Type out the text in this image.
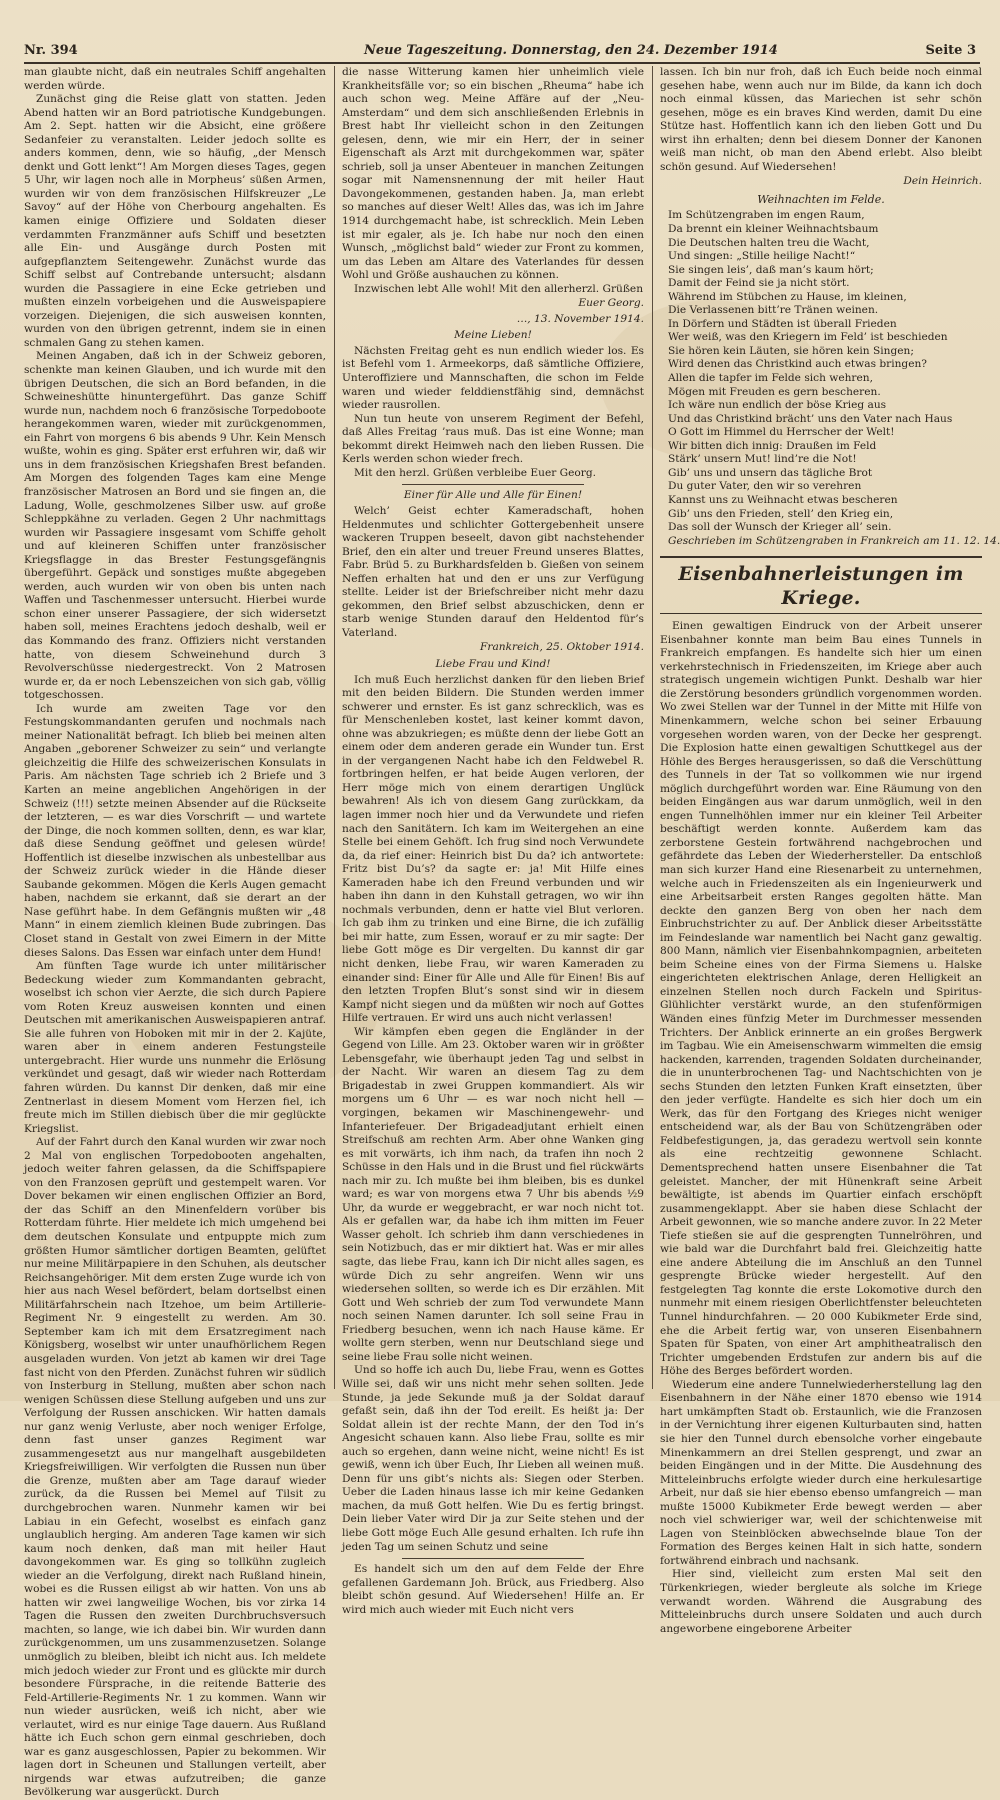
Nr. 394	Neue Tageszeitung. Donnerstag, den 24. Dezember 1914	Seite 3

man glaubte nicht, daß ein neutrales Schiff angehalten werden würde.

Zunächst ging die Reise glatt von statten. Jeden Abend hatten wir an Bord patriotische Kundgebungen. Am 2. Sept. hatten wir die Absicht, eine größere Sedanfeier zu veranstalten. Leider jedoch sollte es anders kommen, denn, wie so häufig, „der Mensch denkt und Gott lenkt“! Am Morgen dieses Tages, gegen 5 Uhr, wir lagen noch alle in Morpheus’ süßen Armen, wurden wir von dem französischen Hilfskreuzer „Le Savoy“ auf der Höhe von Cherbourg angehalten. Es kamen einige Offiziere und Soldaten dieser verdammten Franzmänner aufs Schiff und besetzten alle Ein- und Ausgänge durch Posten mit aufgepflanztem Seitengewehr. Zunächst wurde das Schiff selbst auf Contrebande untersucht; alsdann wurden die Passagiere in eine Ecke getrieben und mußten einzeln vorbeigehen und die Ausweispapiere vorzeigen. Diejenigen, die sich ausweisen konnten, wurden von den übrigen getrennt, indem sie in einen schmalen Gang zu stehen kamen.

Meinen Angaben, daß ich in der Schweiz geboren, schenkte man keinen Glauben, und ich wurde mit den übrigen Deutschen, die sich an Bord befanden, in die Schweineshütte hinuntergeführt. Das ganze Schiff wurde nun, nachdem noch 6 französische Torpedoboote herangekommen waren, wieder mit zurückgenommen, ein Fahrt von morgens 6 bis abends 9 Uhr. Kein Mensch wußte, wohin es ging. Später erst erfuhren wir, daß wir uns in dem französischen Kriegshafen Brest befanden. Am Morgen des folgenden Tages kam eine Menge französischer Matrosen an Bord und sie fingen an, die Ladung, Wolle, geschmolzenes Silber usw. auf große Schleppkähne zu verladen. Gegen 2 Uhr nachmittags wurden wir Passagiere insgesamt vom Schiffe geholt und auf kleineren Schiffen unter französischer Kriegsflagge in das Brester Festungsgefängnis übergeführt. Gepäck und sonstiges mußte abgegeben werden, auch wurden wir von oben bis unten nach Waffen und Taschenmesser untersucht. Hierbei wurde schon einer unserer Passagiere, der sich widersetzt haben soll, meines Erachtens jedoch deshalb, weil er das Kommando des franz. Offiziers nicht verstanden hatte, von diesem Schweinehund durch 3 Revolverschüsse niedergestreckt. Von 2 Matrosen wurde er, da er noch Lebenszeichen von sich gab, völlig totgeschossen.

Ich wurde am zweiten Tage vor den Festungskommandanten gerufen und nochmals nach meiner Nationalität befragt. Ich blieb bei meinen alten Angaben „geborener Schweizer zu sein“ und verlangte gleichzeitig die Hilfe des schweizerischen Konsulats in Paris. Am nächsten Tage schrieb ich 2 Briefe und 3 Karten an meine angeblichen Angehörigen in der Schweiz (!!!) setzte meinen Absender auf die Rückseite der letzteren, — es war dies Vorschrift — und wartete der Dinge, die noch kommen sollten, denn, es war klar, daß diese Sendung geöffnet und gelesen würde! Hoffentlich ist dieselbe inzwischen als unbestellbar aus der Schweiz zurück wieder in die Hände dieser Saubande gekommen. Mögen die Kerls Augen gemacht haben, nachdem sie erkannt, daß sie derart an der Nase geführt habe. In dem Gefängnis mußten wir „48 Mann“ in einem ziemlich kleinen Bude zubringen. Das Closet stand in Gestalt von zwei Eimern in der Mitte dieses Salons. Das Essen war einfach unter dem Hund!

Am fünften Tage wurde ich unter militärischer Bedeckung wieder zum Kommandanten gebracht, woselbst ich schon vier Aerzte, die sich durch Papiere vom Roten Kreuz ausweisen konnten und einen Deutschen mit amerikanischen Ausweispapieren antraf. Sie alle fuhren von Hoboken mit mir in der 2. Kajüte, waren aber in einem anderen Festungsteile untergebracht. Hier wurde uns nunmehr die Erlösung verkündet und gesagt, daß wir wieder nach Rotterdam fahren würden. Du kannst Dir denken, daß mir eine Zentnerlast in diesem Moment vom Herzen fiel, ich freute mich im Stillen diebisch über die mir geglückte Kriegslist.

Auf der Fahrt durch den Kanal wurden wir zwar noch 2 Mal von englischen Torpedobooten angehalten, jedoch weiter fahren gelassen, da die Schiffspapiere von den Franzosen geprüft und gestempelt waren. Vor Dover bekamen wir einen englischen Offizier an Bord, der das Schiff an den Minenfeldern vorüber bis Rotterdam führte. Hier meldete ich mich umgehend bei dem deutschen Konsulate und entpuppte mich zum größten Humor sämtlicher dortigen Beamten, gelüftet nur meine Militärpapiere in den Schuhen, als deutscher Reichsangehöriger. Mit dem ersten Zuge wurde ich von hier aus nach Wesel befördert, belam dortselbst einen Militärfahrschein nach Itzehoe, um beim Artillerie-Regiment Nr. 9 eingestellt zu werden. Am 30. September kam ich mit dem Ersatzregiment nach Königsberg, woselbst wir unter unaufhörlichem Regen ausgeladen wurden. Von jetzt ab kamen wir drei Tage fast nicht von den Pferden. Zunächst fuhren wir südlich von Insterburg in Stellung, mußten aber schon nach wenigen Schüssen diese Stellung aufgeben und uns zur Verfolgung der Russen anschicken. Wir hatten damals nur ganz wenig Verluste, aber noch weniger Erfolge, denn fast unser ganzes Regiment war zusammengesetzt aus nur mangelhaft ausgebildeten Kriegsfreiwilligen. Wir verfolgten die Russen nun über die Grenze, mußten aber am Tage darauf wieder zurück, da die Russen bei Memel auf Tilsit zu durchgebrochen waren. Nunmehr kamen wir bei Labiau in ein Gefecht, woselbst es einfach ganz unglaublich herging. Am anderen Tage kamen wir sich kaum noch denken, daß man mit heiler Haut davongekommen war. Es ging so tollkühn zugleich wieder an die Verfolgung, direkt nach Rußland hinein, wobei es die Russen eiligst ab wir hatten. Von uns ab hatten wir zwei langweilige Wochen, bis vor zirka 14 Tagen die Russen den zweiten Durchbruchsversuch machten, so lange, wie ich dabei bin. Wir wurden dann zurückgenommen, um uns zusammenzusetzen. Solange unmöglich zu bleiben, bleibt ich nicht aus. Ich meldete mich jedoch wieder zur Front und es glückte mir durch besondere Fürsprache, in die reitende Batterie des Feld-Artillerie-Regiments Nr. 1 zu kommen. Wann wir nun wieder ausrücken, weiß ich nicht, aber wie verlautet, wird es nur einige Tage dauern. Aus Rußland hätte ich Euch schon gern einmal geschrieben, doch war es ganz ausgeschlossen, Papier zu bekommen. Wir lagen dort in Scheunen und Stallungen verteilt, aber nirgends war etwas aufzutreiben; die ganze Bevölkerung war ausgerückt. Durch

die nasse Witterung kamen hier unheimlich viele Krankheitsfälle vor; so ein bischen „Rheuma“ habe ich auch schon weg. Meine Affäre auf der „Neu-Amsterdam“ und dem sich anschließenden Erlebnis in Brest habt Ihr vielleicht schon in den Zeitungen gelesen, denn, wie mir ein Herr, der in seiner Eigenschaft als Arzt mit durchgekommen war, später schrieb, soll ja unser Abenteuer in manchen Zeitungen sogar mit Namensnennung der mit heiler Haut Davongekommenen, gestanden haben. Ja, man erlebt so manches auf dieser Welt! Alles das, was ich im Jahre 1914 durchgemacht habe, ist schrecklich. Mein Leben ist mir egaler, als je. Ich habe nur noch den einen Wunsch, „möglichst bald“ wieder zur Front zu kommen, um das Leben am Altare des Vaterlandes für dessen Wohl und Größe aushauchen zu können.

Inzwischen lebt Alle wohl! Mit den allerherzl. Grüßen

Euer Georg.
…, 13. November 1914.
Meine Lieben!

Nächsten Freitag geht es nun endlich wieder los. Es ist Befehl vom 1. Armeekorps, daß sämtliche Offiziere, Unteroffiziere und Mannschaften, die schon im Felde waren und wieder felddienstfähig sind, demnächst wieder rausrollen.

Nun tun heute von unserem Regiment der Befehl, daß Alles Freitag ’raus muß. Das ist eine Wonne; man bekommt direkt Heimweh nach den lieben Russen. Die Kerls werden schon wieder frech.

Mit den herzl. Grüßen verbleibe Euer Georg.

Einer für Alle und Alle für Einen!

Welch’ Geist echter Kameradschaft, hohen Heldenmutes und schlichter Gottergebenheit unsere wackeren Truppen beseelt, davon gibt nachstehender Brief, den ein alter und treuer Freund unseres Blattes, Fabr. Brüd 5. zu Burkhardsfelden b. Gießen von seinem Neffen erhalten hat und den er uns zur Verfügung stellte. Leider ist der Briefschreiber nicht mehr dazu gekommen, den Brief selbst abzuschicken, denn er starb wenige Stunden darauf den Heldentod für’s Vaterland.

Frankreich, 25. Oktober 1914.
Liebe Frau und Kind!

Ich muß Euch herzlichst danken für den lieben Brief mit den beiden Bildern. Die Stunden werden immer schwerer und ernster. Es ist ganz schrecklich, was es für Menschenleben kostet, last keiner kommt davon, ohne was abzukriegen; es müßte denn der liebe Gott an einem oder dem anderen gerade ein Wunder tun. Erst in der vergangenen Nacht habe ich den Feldwebel R. fortbringen helfen, er hat beide Augen verloren, der Herr möge mich von einem derartigen Unglück bewahren! Als ich von diesem Gang zurückkam, da lagen immer noch hier und da Verwundete und riefen nach den Sanitätern. Ich kam im Weitergehen an eine Stelle bei einem Gehöft. Ich frug sind noch Verwundete da, da rief einer: Heinrich bist Du da? ich antwortete: Fritz bist Du’s? da sagte er: ja! Mit Hilfe eines Kameraden habe ich den Freund verbunden und wir haben ihn dann in den Kuhstall getragen, wo wir ihn nochmals verbunden, denn er hatte viel Blut verloren. Ich gab ihm zu trinken und eine Birne, die ich zufällig bei mir hatte, zum Essen, worauf er zu mir sagte: Der liebe Gott möge es Dir vergelten. Du kannst dir gar nicht denken, liebe Frau, wir waren Kameraden zu einander sind: Einer für Alle und Alle für Einen! Bis auf den letzten Tropfen Blut’s sonst sind wir in diesem Kampf nicht siegen und da müßten wir noch auf Gottes Hilfe vertrauen. Er wird uns auch nicht verlassen!

Wir kämpfen eben gegen die Engländer in der Gegend von Lille. Am 23. Oktober waren wir in größter Lebensgefahr, wie überhaupt jeden Tag und selbst in der Nacht. Wir waren an diesem Tag zu dem Brigadestab in zwei Gruppen kommandiert. Als wir morgens um 6 Uhr — es war noch nicht hell — vorgingen, bekamen wir Maschinengewehr- und Infanteriefeuer. Der Brigadeadjutant erhielt einen Streifschuß am rechten Arm. Aber ohne Wanken ging es mit vorwärts, ich ihm nach, da trafen ihn noch 2 Schüsse in den Hals und in die Brust und fiel rückwärts nach mir zu. Ich mußte bei ihm bleiben, bis es dunkel ward; es war von morgens etwa 7 Uhr bis abends ½9 Uhr, da wurde er weggebracht, er war noch nicht tot. Als er gefallen war, da habe ich ihm mitten im Feuer Wasser geholt. Ich schrieb ihm dann verschiedenes in sein Notizbuch, das er mir diktiert hat. Was er mir alles sagte, das liebe Frau, kann ich Dir nicht alles sagen, es würde Dich zu sehr angreifen. Wenn wir uns wiedersehen sollten, so werde ich es Dir erzählen. Mit Gott und Weh schrieb der zum Tod verwundete Mann noch seinen Namen darunter. Ich soll seine Frau in Friedberg besuchen, wenn ich nach Hause käme. Er wollte gern sterben, wenn nur Deutschland siege und seine liebe Frau solle nicht weinen.

Und so hoffe ich auch Du, liebe Frau, wenn es Gottes Wille sei, daß wir uns nicht mehr sehen sollten. Jede Stunde, ja jede Sekunde muß ja der Soldat darauf gefaßt sein, daß ihn der Tod ereilt. Es heißt ja: Der Soldat allein ist der rechte Mann, der den Tod in’s Angesicht schauen kann. Also liebe Frau, sollte es mir auch so ergehen, dann weine nicht, weine nicht! Es ist gewiß, wenn ich über Euch, Ihr Lieben all weinen muß. Denn für uns gibt’s nichts als: Siegen oder Sterben. Ueber die Laden hinaus lasse ich mir keine Gedanken machen, da muß Gott helfen. Wie Du es fertig bringst. Dein lieber Vater wird Dir ja zur Seite stehen und der liebe Gott möge Euch Alle gesund erhalten. Ich rufe ihn jeden Tag um seinen Schutz und seine

Es handelt sich um den auf dem Felde der Ehre gefallenen Gardemann Joh. Brück, aus Friedberg. Also bleibt schön gesund. Auf Wiedersehen! Hilfe an. Er wird mich auch wieder mit Euch nicht vers

lassen. Ich bin nur froh, daß ich Euch beide noch einmal gesehen habe, wenn auch nur im Bilde, da kann ich doch noch einmal küssen, das Mariechen ist sehr schön gesehen, möge es ein braves Kind werden, damit Du eine Stütze hast. Hoffentlich kann ich den lieben Gott und Du wirst ihn erhalten; denn bei diesem Donner der Kanonen weiß man nicht, ob man den Abend erlebt. Also bleibt schön gesund. Auf Wiedersehen!

Dein Heinrich.
Weihnachten im Felde.
Im Schützengraben im engen Raum,
Da brennt ein kleiner Weihnachtsbaum
Die Deutschen halten treu die Wacht,
Und singen: „Stille heilige Nacht!“
Sie singen leis’, daß man’s kaum hört;
Damit der Feind sie ja nicht stört.
Während im Stübchen zu Hause, im kleinen,
Die Verlassenen bitt’re Tränen weinen.
In Dörfern und Städten ist überall Frieden
Wer weiß, was den Kriegern im Feld’ ist beschieden
Sie hören kein Läuten, sie hören kein Singen;
Wird denen das Christkind auch etwas bringen?
Allen die tapfer im Felde sich wehren,
Mögen mit Freuden es gern bescheren.
Ich wäre nun endlich der böse Krieg aus
Und das Christkind brächt’ uns den Vater nach Haus
O Gott im Himmel du Herrscher der Welt!
Wir bitten dich innig: Draußen im Feld
Stärk’ unsern Mut! lind’re die Not!
Gib’ uns und unsern das tägliche Brot
Du guter Vater, den wir so verehren
Kannst uns zu Weihnacht etwas bescheren
Gib’ uns den Frieden, stell’ den Krieg ein,
Das soll der Wunsch der Krieger all’ sein.
Geschrieben im Schützengraben in Frankreich am 11. 12. 14.
Eisenbahnerleistungen im Kriege.

Einen gewaltigen Eindruck von der Arbeit unserer Eisenbahner konnte man beim Bau eines Tunnels in Frankreich empfangen. Es handelte sich hier um einen verkehrstechnisch in Friedenszeiten, im Kriege aber auch strategisch ungemein wichtigen Punkt. Deshalb war hier die Zerstörung besonders gründlich vorgenommen worden. Wo zwei Stellen war der Tunnel in der Mitte mit Hilfe von Minenkammern, welche schon bei seiner Erbauung vorgesehen worden waren, von der Decke her gesprengt. Die Explosion hatte einen gewaltigen Schuttkegel aus der Höhle des Berges herausgerissen, so daß die Verschüttung des Tunnels in der Tat so vollkommen wie nur irgend möglich durchgeführt worden war. Eine Räumung von den beiden Eingängen aus war darum unmöglich, weil in den engen Tunnelhöhlen immer nur ein kleiner Teil Arbeiter beschäftigt werden konnte. Außerdem kam das zerborstene Gestein fortwährend nachgebrochen und gefährdete das Leben der Wiederhersteller. Da entschloß man sich kurzer Hand eine Riesenarbeit zu unternehmen, welche auch in Friedenszeiten als ein Ingenieurwerk und eine Arbeitsarbeit ersten Ranges gegolten hätte. Man deckte den ganzen Berg von oben her nach dem Einbruchstrichter zu auf. Der Anblick dieser Arbeitsstätte im Feindeslande war namentlich bei Nacht ganz gewaltig. 800 Mann, nämlich vier Eisenbahnkompagnien, arbeiteten beim Scheine eines von der Firma Siemens u. Halske eingerichteten elektrischen Anlage, deren Helligkeit an einzelnen Stellen noch durch Fackeln und Spiritus-Glühlichter verstärkt wurde, an den stufenförmigen Wänden eines fünfzig Meter im Durchmesser messenden Trichters. Der Anblick erinnerte an ein großes Bergwerk im Tagbau. Wie ein Ameisenschwarm wimmelten die emsig hackenden, karrenden, tragenden Soldaten durcheinander, die in ununterbrochenen Tag- und Nachtschichten von je sechs Stunden den letzten Funken Kraft einsetzten, über den jeder verfügte. Handelte es sich hier doch um ein Werk, das für den Fortgang des Krieges nicht weniger entscheidend war, als der Bau von Schützengräben oder Feldbefestigungen, ja, das geradezu wertvoll sein konnte als eine rechtzeitig gewonnene Schlacht. Dementsprechend hatten unsere Eisenbahner die Tat geleistet. Mancher, der mit Hünenkraft seine Arbeit bewältigte, ist abends im Quartier einfach erschöpft zusammengeklappt. Aber sie haben diese Schlacht der Arbeit gewonnen, wie so manche andere zuvor. In 22 Meter Tiefe stießen sie auf die gesprengten Tunnelröhren, und wie bald war die Durchfahrt bald frei. Gleichzeitig hatte eine andere Abteilung die im Anschluß an den Tunnel gesprengte Brücke wieder hergestellt. Auf den festgelegten Tag konnte die erste Lokomotive durch den nunmehr mit einem riesigen Oberlichtfenster beleuchteten Tunnel hindurchfahren. — 20 000 Kubikmeter Erde sind, ehe die Arbeit fertig war, von unseren Eisenbahnern Spaten für Spaten, von einer Art amphitheatralisch den Trichter umgebenden Erdstufen zur andern bis auf die Höhe des Berges befördert worden.

Wiederum eine andere Tunnelwiederherstellung lag den Eisenbahnern in der Nähe einer 1870 ebenso wie 1914 hart umkämpften Stadt ob. Erstaunlich, wie die Franzosen in der Vernichtung ihrer eigenen Kulturbauten sind, hatten sie hier den Tunnel durch ebensolche vorher eingebaute Minenkammern an drei Stellen gesprengt, und zwar an beiden Eingängen und in der Mitte. Die Ausdehnung des Mitteleinbruchs erfolgte wieder durch eine herkulesartige Arbeit, nur daß sie hier ebenso ebenso umfangreich — man mußte 15000 Kubikmeter Erde bewegt werden — aber noch viel schwieriger war, weil der schichtenweise mit Lagen von Steinblöcken abwechselnde blaue Ton der Formation des Berges keinen Halt in sich hatte, sondern fortwährend einbrach und nachsank.

Hier sind, vielleicht zum ersten Mal seit den Türkenkriegen, wieder bergleute als solche im Kriege verwandt worden. Während die Ausgrabung des Mitteleinbruchs durch unsere Soldaten und auch durch angeworbene eingeborene Arbeiter
